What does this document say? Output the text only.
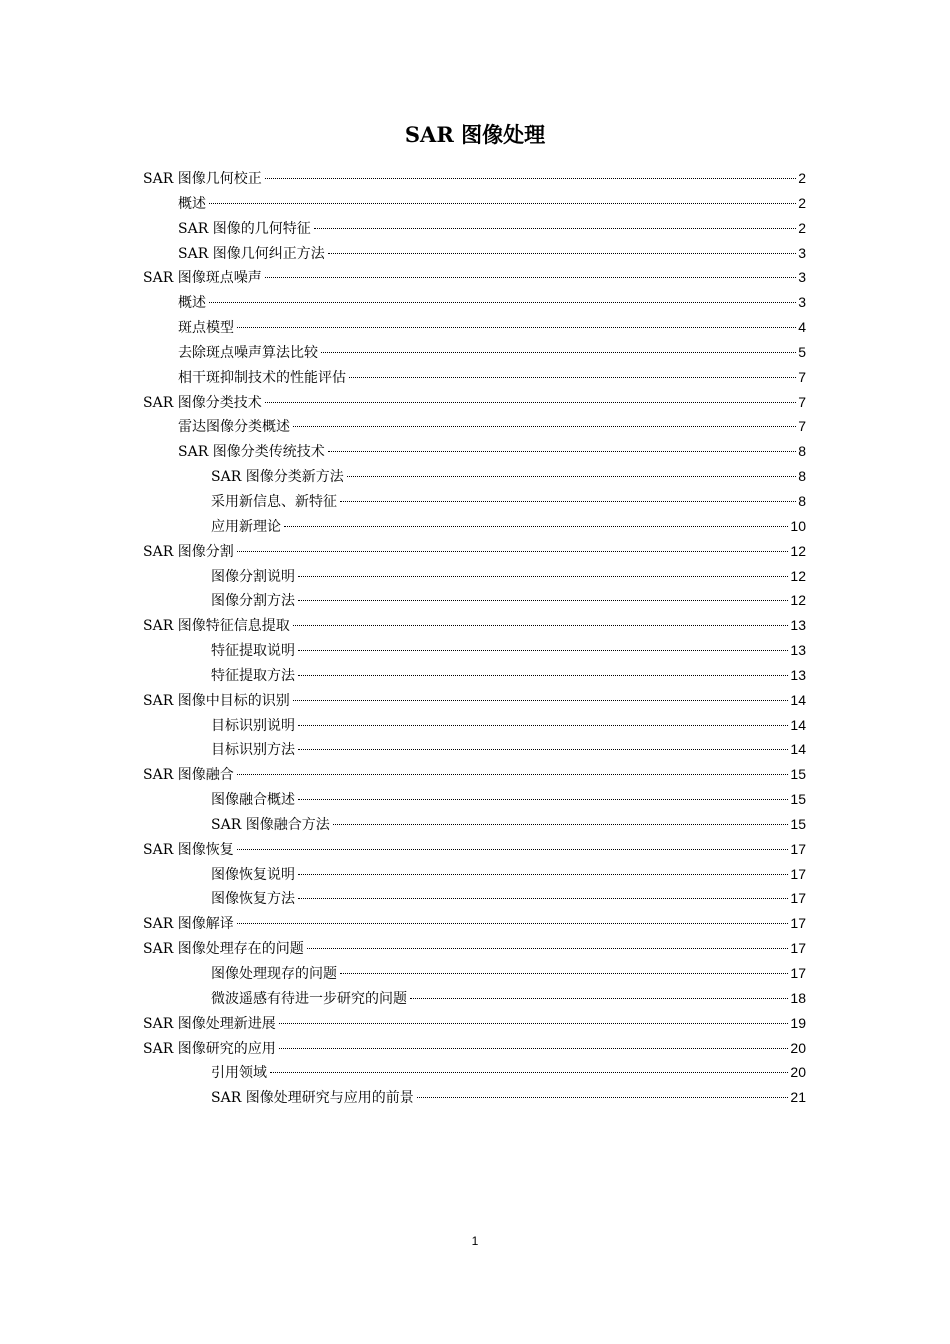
SAR 图像处理
SAR 图像几何校正	2
概述	2
SAR 图像的几何特征	2
SAR 图像几何纠正方法	3
SAR 图像斑点噪声	3
概述	3
斑点模型	4
去除斑点噪声算法比较	5
相干斑抑制技术的性能评估	7
SAR 图像分类技术	7
雷达图像分类概述	7
SAR 图像分类传统技术	8
SAR 图像分类新方法	8
采用新信息、新特征	8
应用新理论	10
SAR 图像分割	12
图像分割说明	12
图像分割方法	12
SAR 图像特征信息提取	13
特征提取说明	13
特征提取方法	13
SAR 图像中目标的识别	14
目标识别说明	14
目标识别方法	14
SAR 图像融合	15
图像融合概述	15
SAR 图像融合方法	15
SAR 图像恢复	17
图像恢复说明	17
图像恢复方法	17
SAR 图像解译	17
SAR 图像处理存在的问题	17
图像处理现存的问题	17
微波遥感有待进一步研究的问题	18
SAR 图像处理新进展	19
SAR 图像研究的应用	20
引用领域	20
SAR 图像处理研究与应用的前景	21
1
